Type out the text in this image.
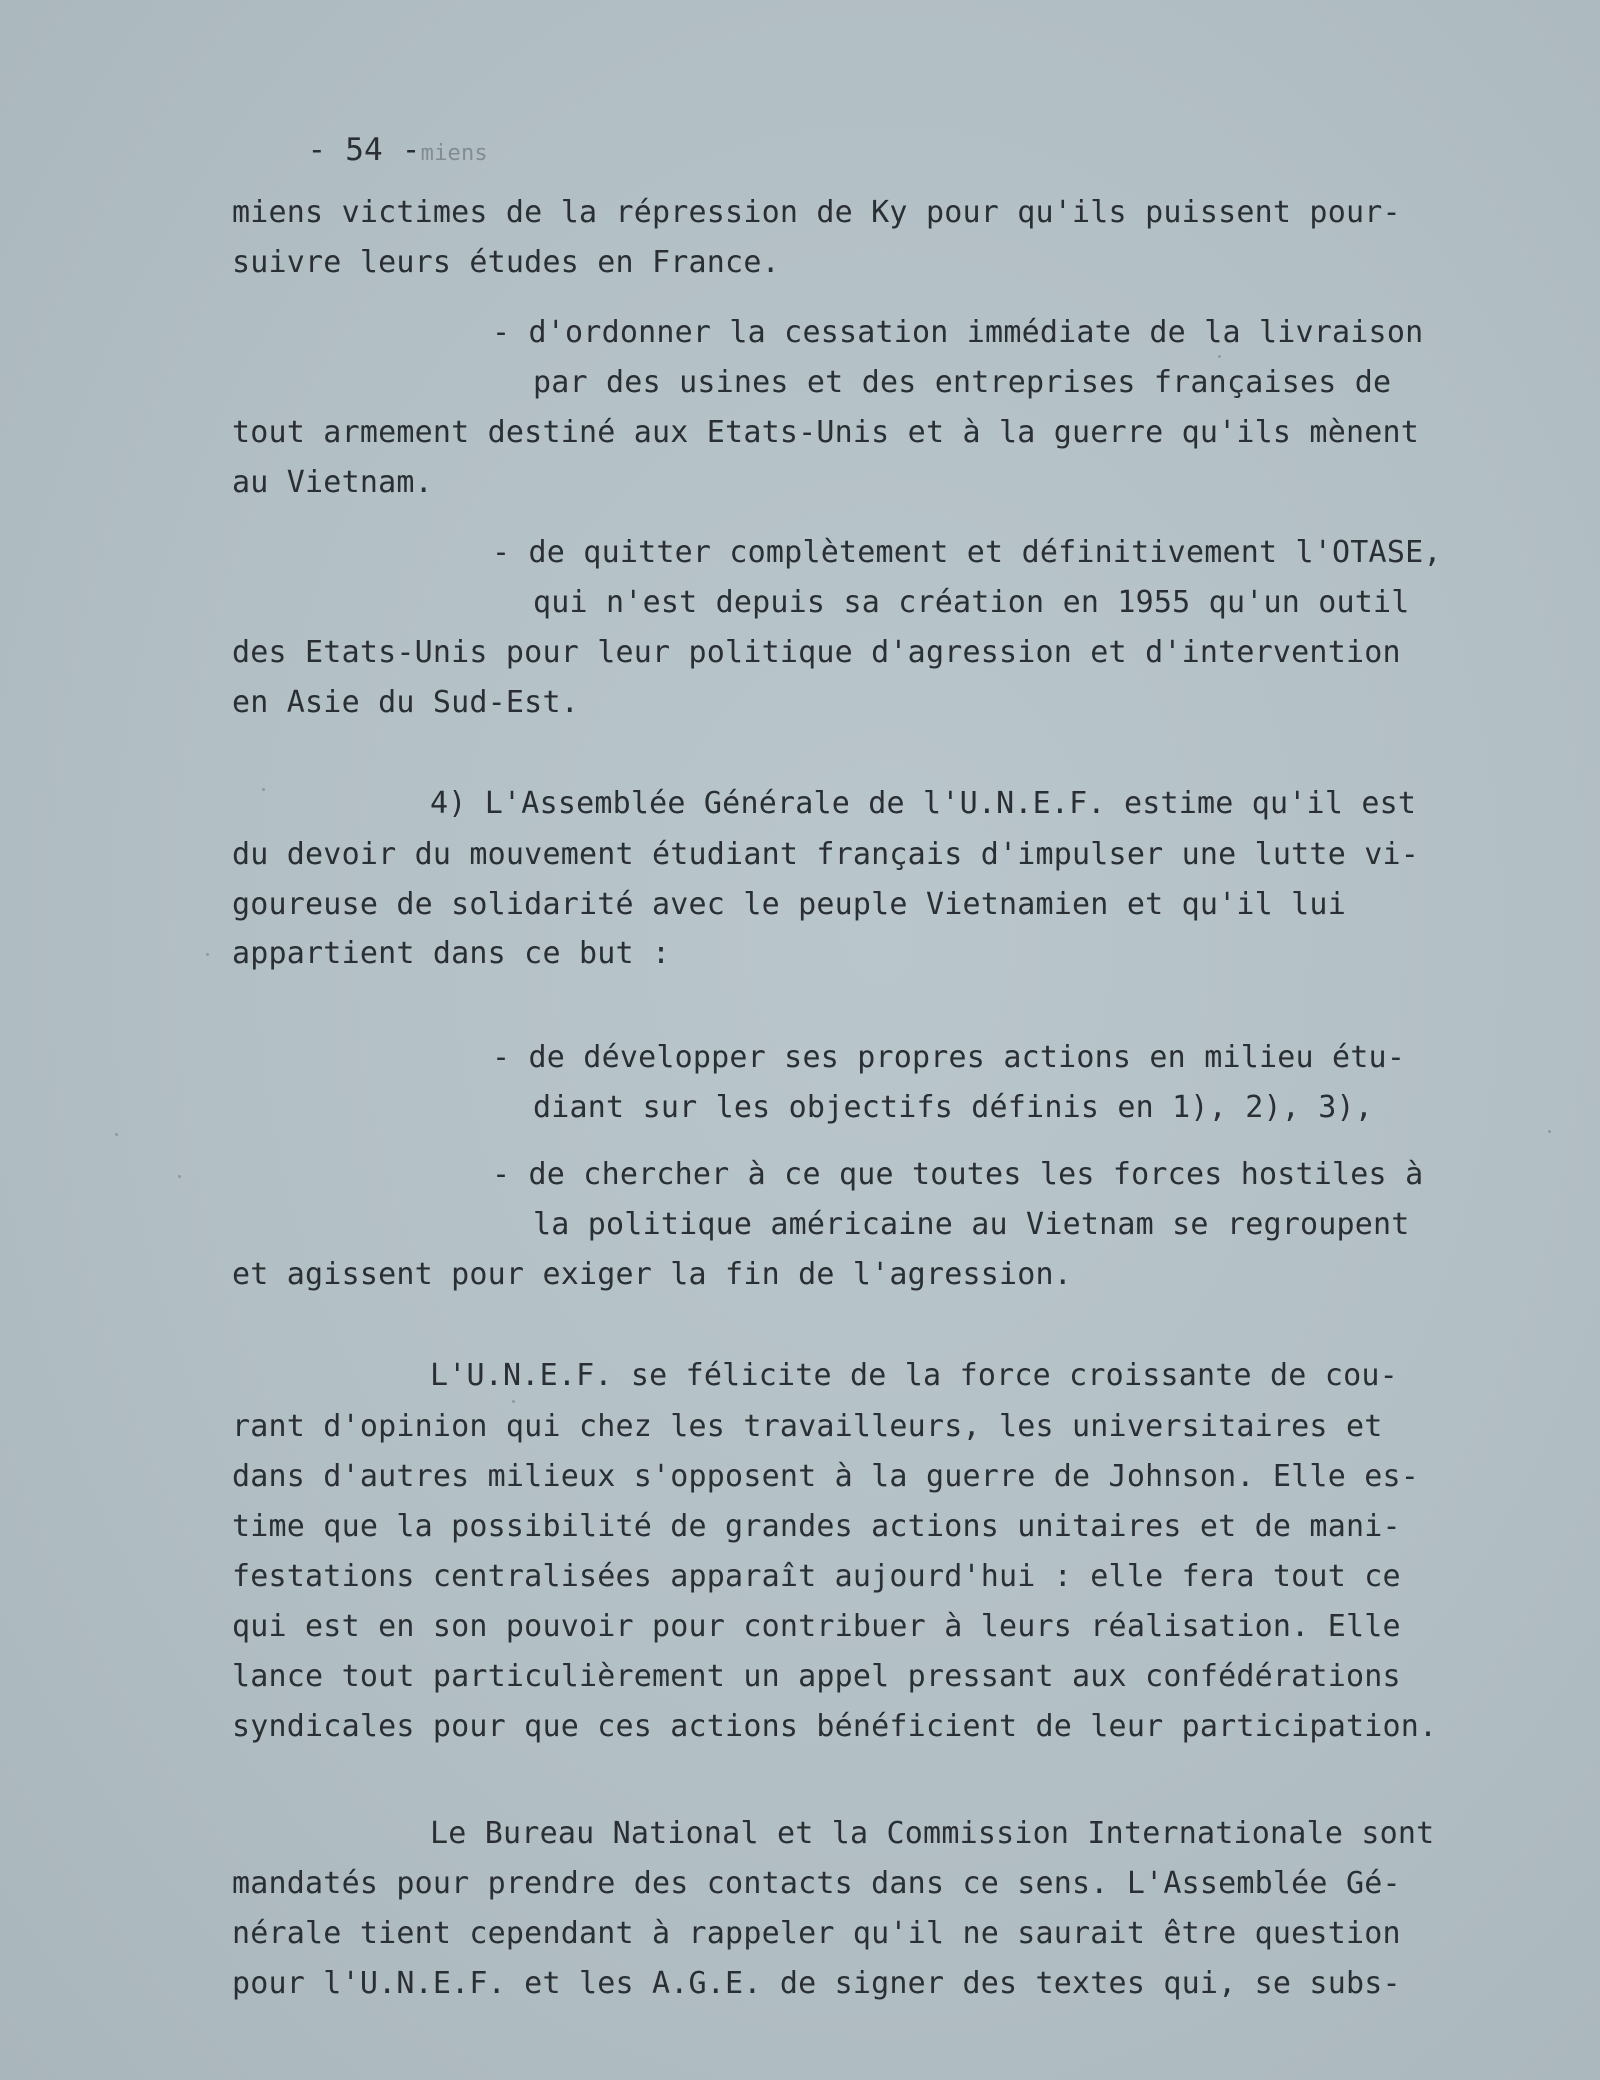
- 54 -miens

miens victimes de la répression de Ky pour qu'ils puissent pour-
suivre leurs études en France.
- d'ordonner la cessation immédiate de la livraison
par des usines et des entreprises françaises de
tout armement destiné aux Etats-Unis et à la guerre qu'ils mènent
au Vietnam.
- de quitter complètement et définitivement l'OTASE,
qui n'est depuis sa création en 1955 qu'un outil
des Etats-Unis pour leur politique d'agression et d'intervention
en Asie du Sud-Est.
4) L'Assemblée Générale de l'U.N.E.F. estime qu'il est
du devoir du mouvement étudiant français d'impulser une lutte vi-
goureuse de solidarité avec le peuple Vietnamien et qu'il lui
appartient dans ce but :
- de développer ses propres actions en milieu étu-
diant sur les objectifs définis en 1), 2), 3),
- de chercher à ce que toutes les forces hostiles à
la politique américaine au Vietnam se regroupent
et agissent pour exiger la fin de l'agression.
L'U.N.E.F. se félicite de la force croissante de cou-
rant d'opinion qui chez les travailleurs, les universitaires et
dans d'autres milieux s'opposent à la guerre de Johnson. Elle es-
time que la possibilité de grandes actions unitaires et de mani-
festations centralisées apparaît aujourd'hui : elle fera tout ce
qui est en son pouvoir pour contribuer à leurs réalisation. Elle
lance tout particulièrement un appel pressant aux confédérations
syndicales pour que ces actions bénéficient de leur participation.
Le Bureau National et la Commission Internationale sont
mandatés pour prendre des contacts dans ce sens. L'Assemblée Gé-
nérale tient cependant à rappeler qu'il ne saurait être question
pour l'U.N.E.F. et les A.G.E. de signer des textes qui, se subs-
